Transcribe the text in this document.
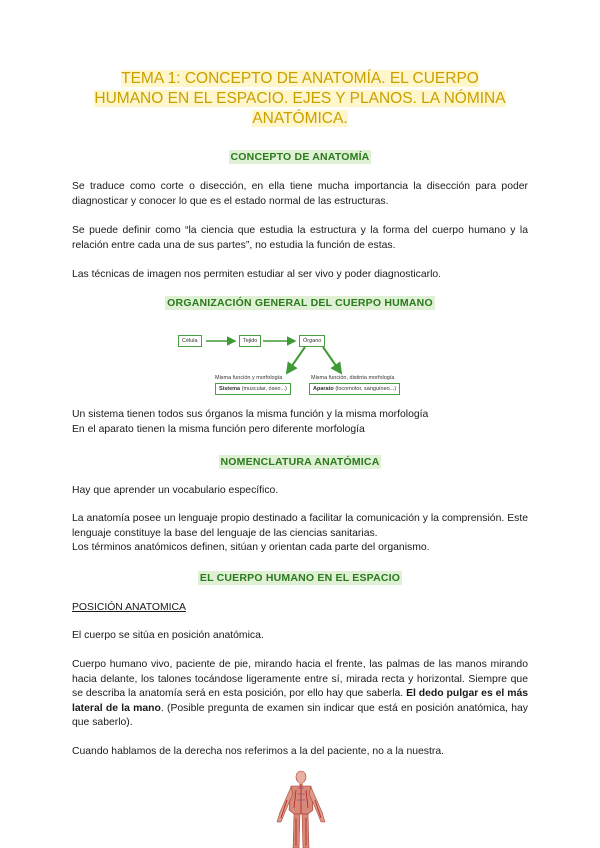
TEMA 1: CONCEPTO DE ANATOMÍA. EL CUERPO
HUMANO EN EL ESPACIO. EJES Y PLANOS. LA NÓMINA
ANATÓMICA.
CONCEPTO DE ANATOMÍA
Se traduce como corte o disección, en ella tiene mucha importancia la disección para poder diagnosticar y conocer lo que es el estado normal de las estructuras.
Se puede definir como “la ciencia que estudia la estructura y la forma del cuerpo humano y la relación entre cada una de sus partes”, no estudia la función de estas.
Las técnicas de imagen nos permiten estudiar al ser vivo y poder diagnosticarlo.
ORGANIZACIÓN GENERAL DEL CUERPO HUMANO
Célula	Tejido	Órgano
Misma función y morfología
Sistema (muscular, óseo...)
Misma función, distinta morfología
Aparato (locomotor, sanguíneo...)
Un sistema tienen todos sus órganos la misma función y la misma morfología
En el aparato tienen la misma función pero diferente morfología
NOMENCLATURA ANATÓMICA
Hay que aprender un vocabulario específico.
La anatomía posee un lenguaje propio destinado a facilitar la comunicación y la comprensión. Este lenguaje constituye la base del lenguaje de las ciencias sanitarias.
Los términos anatómicos definen, sitúan y orientan cada parte del organismo.
EL CUERPO HUMANO EN EL ESPACIO
POSICIÓN ANATOMICA
El cuerpo se sitúa en posición anatómica.
Cuerpo humano vivo, paciente de pie, mirando hacia el frente, las palmas de las manos mirando hacia delante, los talones tocándose ligeramente entre sí, mirada recta y horizontal. Siempre que se describa la anatomía será en esta posición, por ello hay que saberla. El dedo pulgar es el más lateral de la mano. (Posible pregunta de examen sin indicar que está en posición anatómica, hay que saberlo).
Cuando hablamos de la derecha nos referimos a la del paciente, no a la nuestra.
